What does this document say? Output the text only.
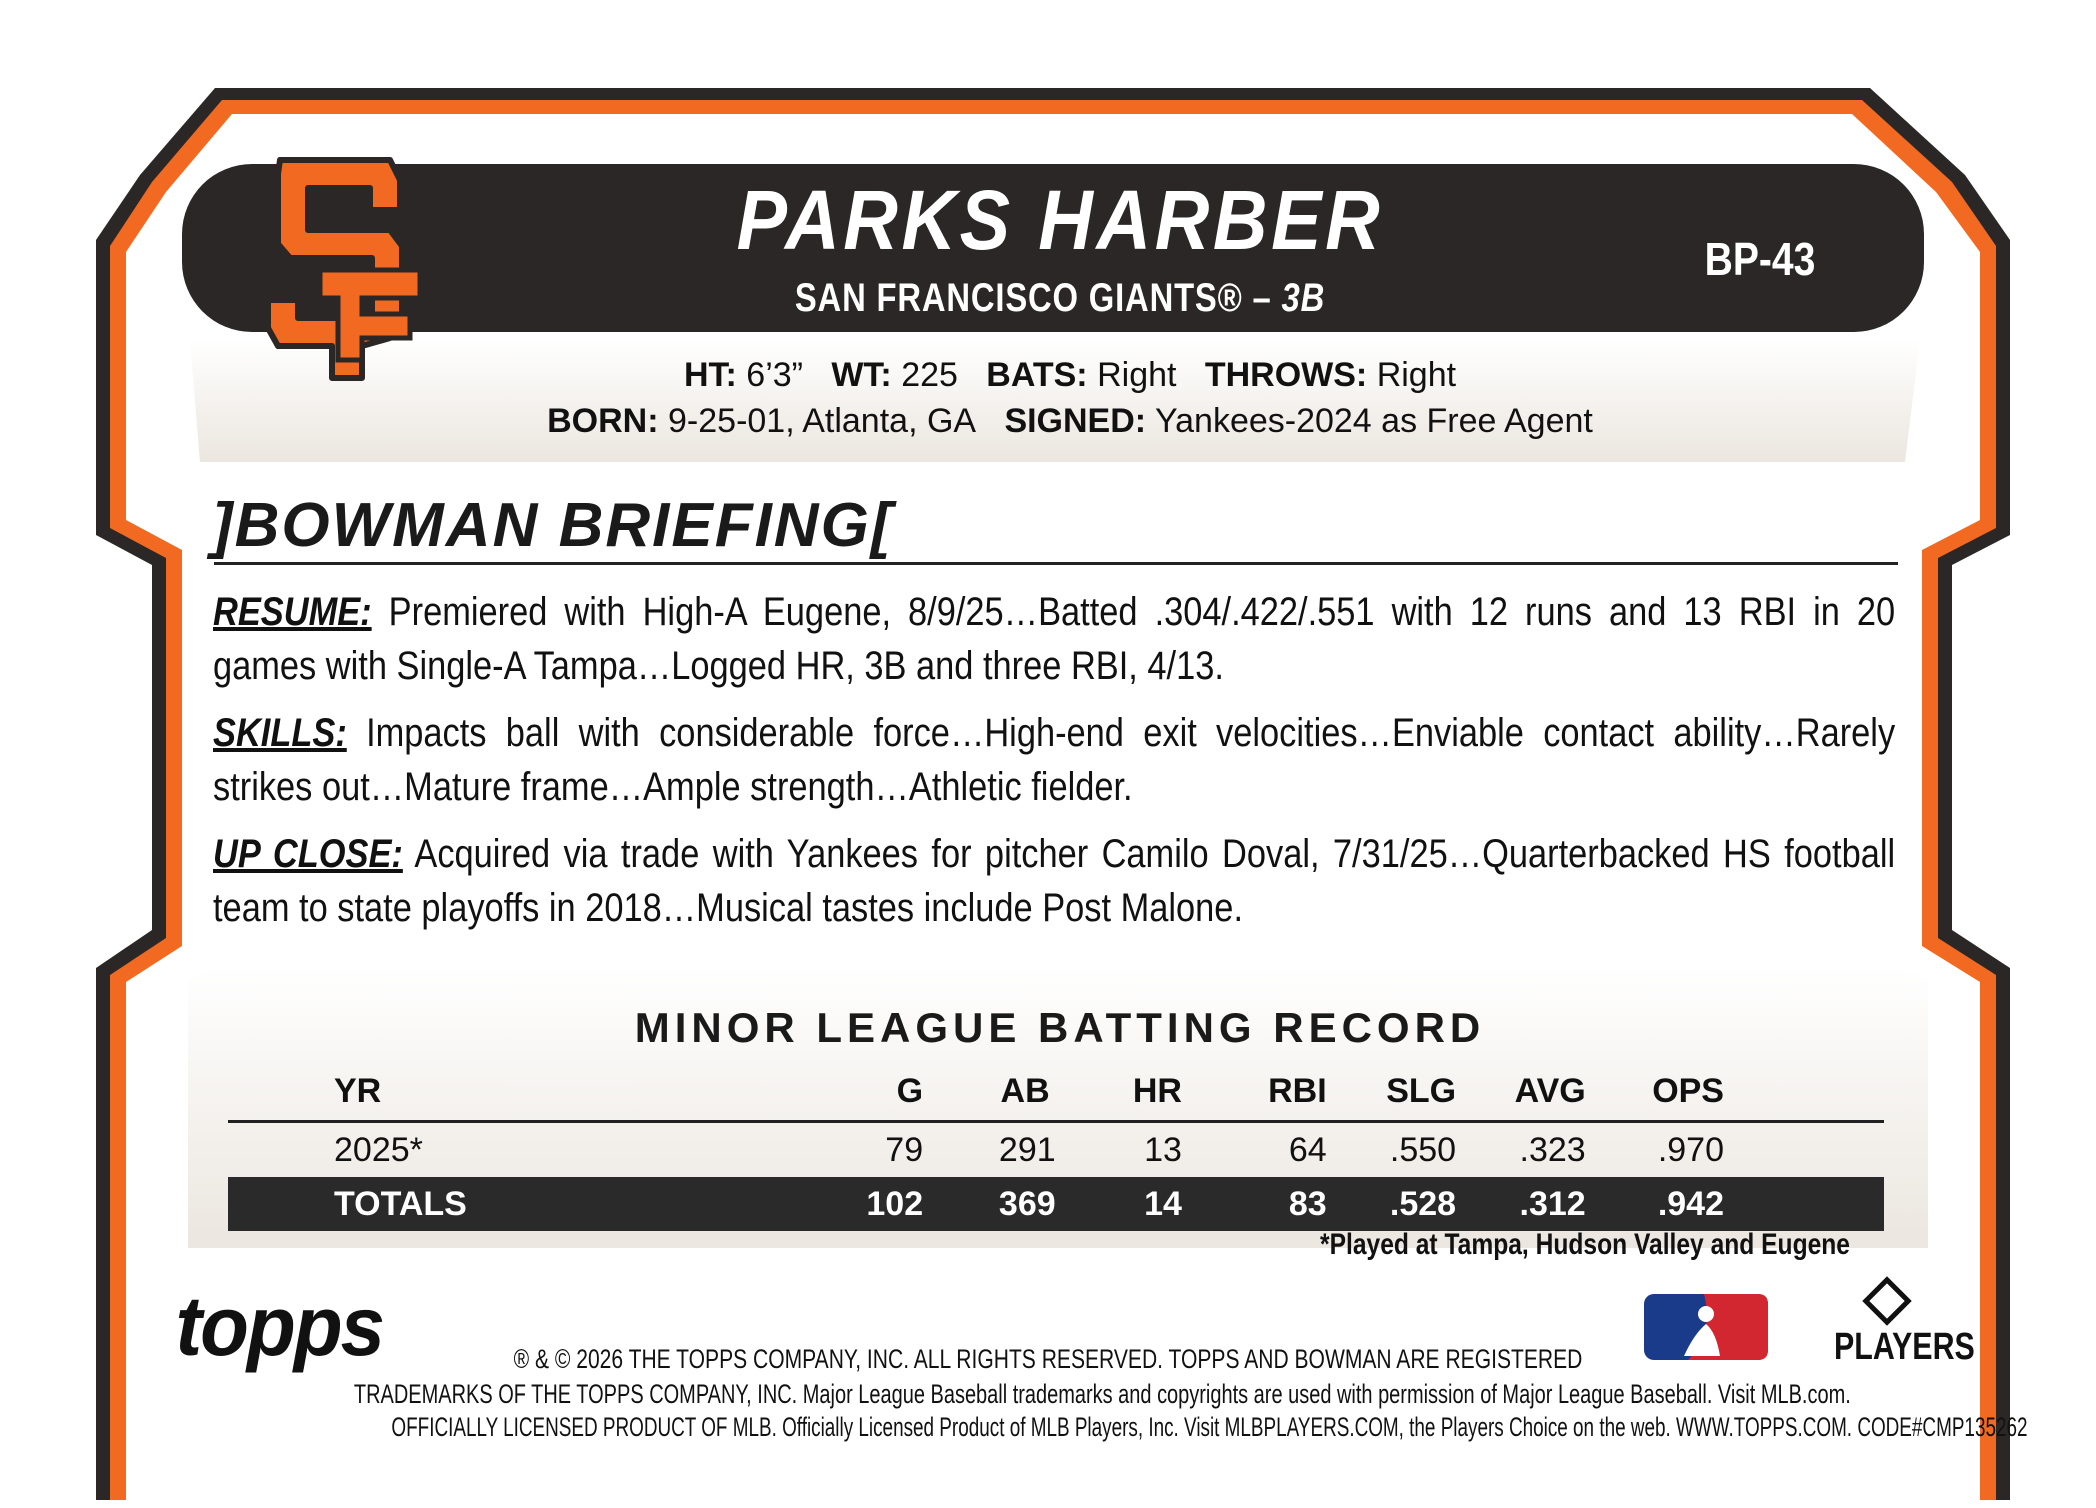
PARKS HARBER
SAN FRANCISCO GIANTS® – 3B
BP-43
HT: 6’3” WT: 225 BATS: Right THROWS: Right
BORN: 9-25-01, Atlanta, GA SIGNED: Yankees-2024 as Free Agent
]BOWMAN BRIEFING[
RESUME: Premiered with High-A Eugene, 8/9/25…Batted .304/.422/.551 with 12 runs and 13 RBI in 20 games with Single-A Tampa…Logged HR, 3B and three RBI, 4/13.
SKILLS: Impacts ball with considerable force…High-end exit velocities…Enviable contact ability…Rarely strikes out…Mature frame…Ample strength…Athletic fielder.
UP CLOSE: Acquired via trade with Yankees for pitcher Camilo Doval, 7/31/25…Quarterbacked HS football team to state playoffs in 2018…Musical tastes include Post Malone.
MINOR LEAGUE BATTING RECORD
YR	G	AB	HR	RBI	SLG	AVG	OPS
2025*	79	291	13	64	.550	.323	.970
TOTALS	102	369	14	83	.528	.312	.942
*Played at Tampa, Hudson Valley and Eugene
topps	PLAYERS
® & © 2026 THE TOPPS COMPANY, INC. ALL RIGHTS RESERVED. TOPPS AND BOWMAN ARE REGISTERED
TRADEMARKS OF THE TOPPS COMPANY, INC. Major League Baseball trademarks and copyrights are used with permission of Major League Baseball. Visit MLB.com.
OFFICIALLY LICENSED PRODUCT OF MLB. Officially Licensed Product of MLB Players, Inc. Visit MLBPLAYERS.COM, the Players Choice on the web. WWW.TOPPS.COM. CODE#CMP135262
